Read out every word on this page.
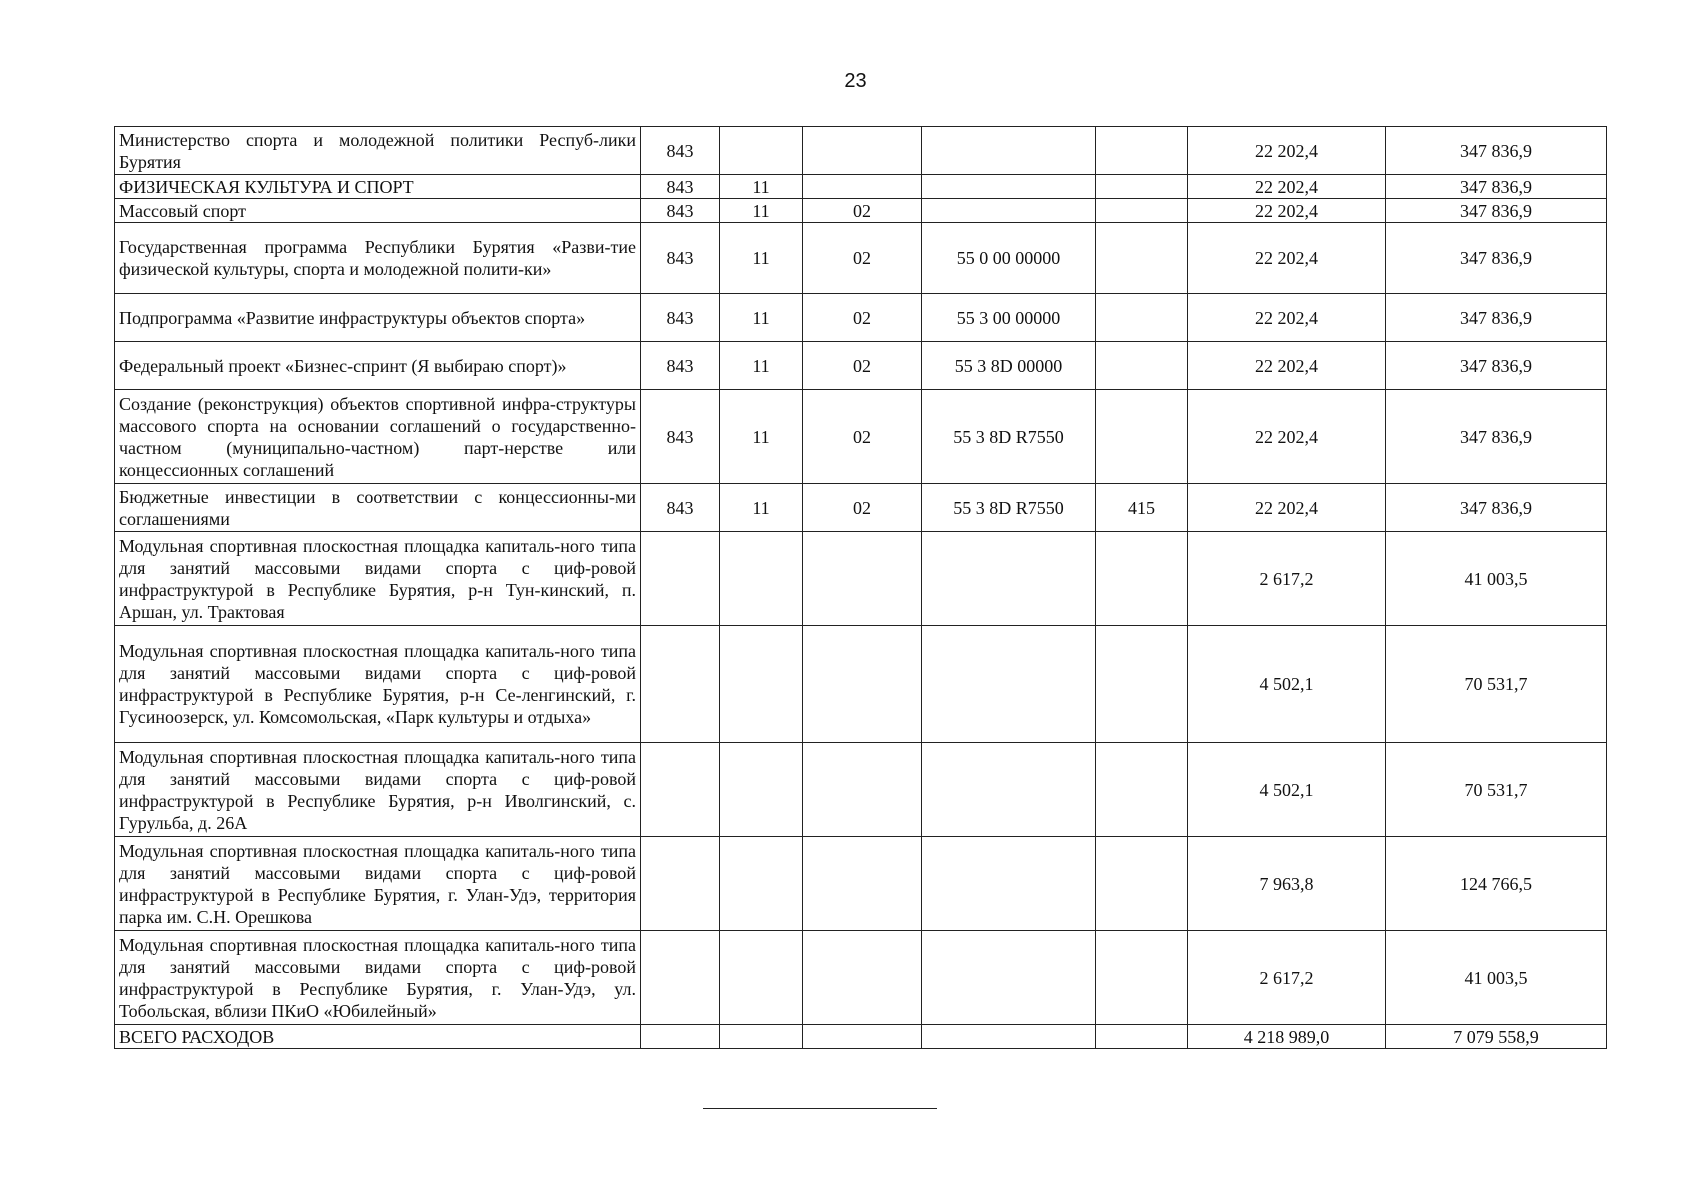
23
Министерство спорта и молодежной политики Респуб-лики Бурятия	843					22 202,4	347 836,9
ФИЗИЧЕСКАЯ КУЛЬТУРА И СПОРТ	843	11				22 202,4	347 836,9
Массовый спорт	843	11	02			22 202,4	347 836,9
Государственная программа Республики Бурятия «Разви-тие физической культуры, спорта и молодежной полити-ки»	843	11	02	55 0 00 00000		22 202,4	347 836,9
Подпрограмма «Развитие инфраструктуры объектов спорта»	843	11	02	55 3 00 00000		22 202,4	347 836,9
Федеральный проект «Бизнес-спринт (Я выбираю спорт)»	843	11	02	55 3 8D 00000		22 202,4	347 836,9
Создание (реконструкция) объектов спортивной инфра-структуры массового спорта на основании соглашений о государственно-частном (муниципально-частном) парт-нерстве или концессионных соглашений	843	11	02	55 3 8D R7550		22 202,4	347 836,9
Бюджетные инвестиции в соответствии с концессионны-ми соглашениями	843	11	02	55 3 8D R7550	415	22 202,4	347 836,9
Модульная спортивная плоскостная площадка капиталь-ного типа для занятий массовыми видами спорта с циф-ровой инфраструктурой в Республике Бурятия, р-н Тун-кинский, п. Аршан, ул. Трактовая						2 617,2	41 003,5
Модульная спортивная плоскостная площадка капиталь-ного типа для занятий массовыми видами спорта с циф-ровой инфраструктурой в Республике Бурятия, р-н Се-ленгинский, г. Гусиноозерск, ул. Комсомольская, «Парк культуры и отдыха»						4 502,1	70 531,7
Модульная спортивная плоскостная площадка капиталь-ного типа для занятий массовыми видами спорта с циф-ровой инфраструктурой в Республике Бурятия, р-н Иволгинский, с. Гурульба, д. 26А						4 502,1	70 531,7
Модульная спортивная плоскостная площадка капиталь-ного типа для занятий массовыми видами спорта с циф-ровой инфраструктурой в Республике Бурятия, г. Улан-Удэ, территория парка им. С.Н. Орешкова						7 963,8	124 766,5
Модульная спортивная плоскостная площадка капиталь-ного типа для занятий массовыми видами спорта с циф-ровой инфраструктурой в Республике Бурятия, г. Улан-Удэ, ул. Тобольская, вблизи ПКиО «Юбилейный»						2 617,2	41 003,5
ВСЕГО РАСХОДОВ						4 218 989,0	7 079 558,9
